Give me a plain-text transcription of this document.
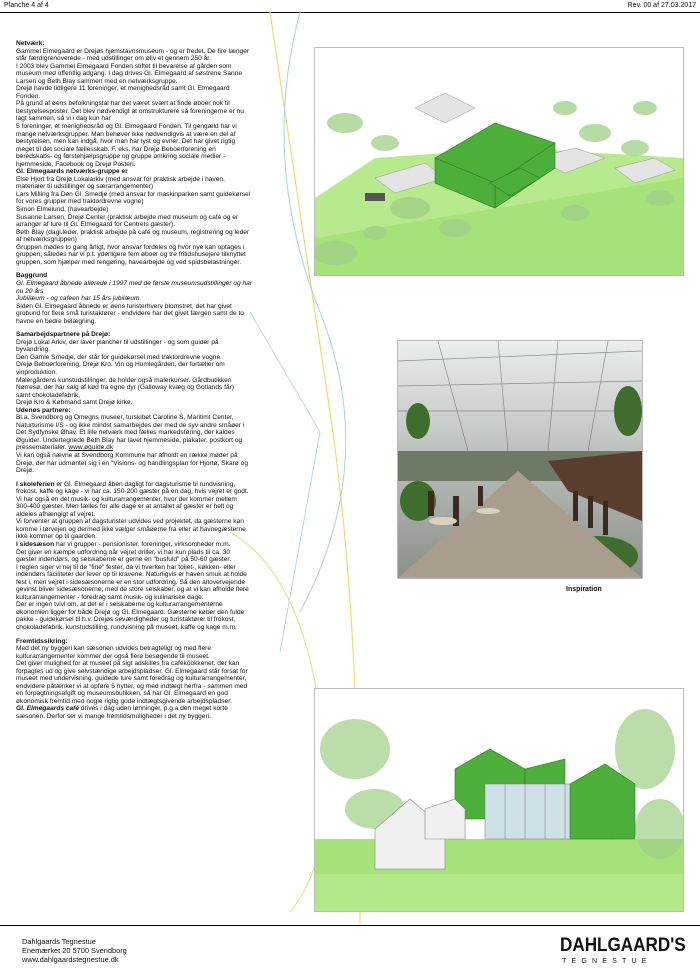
Planche 4 af 4	Rev. 00 af 27.03.2017

Netværk:

Gammel Elmegaard er Drejøs hjemstavnsmuseum - og er fredet. De fire længer

står færdigrenoverede - med udstillinger om øliv et gennem 250 år.

I 2003 blev Gammel Elmegaard Fonden stiftet til bevarelse af gården som

museum med offentlig adgang. I dag drives Gl. Elmegaard af søstrene Sanne

Larsen og Beth Blay sammen med en netværksgruppe.

Drejø havde tidligere 11 foreninger, et menighedsråd samt Gl. Elmegaard

Fonden.

På grund af øens befolkningstal har det været svært at finde øboer nok til

bestyrelsesposter. Det blev nødvendigt at omstrukturere så foreningerne er nu

lagt sammen, så vi i dag kun har

5 foreninger, et menighedsråd og Gl. Elmegaard Fonden. Til gengæld har vi

mange netværksgrupper. Man behøver ikke nødvendigvis at være en del af

bestyrelsen, men kan indgå, hvor man har lyst og evner. Det har givet rigtig

meget til det sociale fællesskab. F. eks. har Drejø Beboerforening en

beredskabs- og førstehjælpsgruppe og gruppe omkring sociale medier -

hjemmeside, Facebook og Drejø Posten.

Gl. Elmegaards netværks-gruppe er

Else Hjort fra Drejø Lokalarkiv (med ansvar for praktisk arbejde i haven,

materialer til udstillinger og særarrangementer)

Lars Milling fra Den Gl. Smedje (med ansvar for maskinparken samt guidekørsel

for vores grupper med traktordrevne vogne)

Simon Elmelund, (havearbejde)

Susanne Larsen, Drejø Center (praktisk arbejde med museum og café og er

arrangør af ture til Gl. Elmegaard for Centrets gæster).

Beth Blay (dagl.leder, praktisk arbejde på café og museum, registrering og leder

af netværksgruppen)

Gruppen mødes to gang årligt, hvor ansvar fordeles og hvor nye kan optages i

gruppen, således har vi p.t. yderligere fem øboer og tre fritidshusejere tilknyttet

gruppen, som hjælper med rengøring, havearbejde og ved spidsbelastninger.

Baggrund

Gl. Elmegaard åbnede allerede i 1997 med de første museumsudstillinger og har

nu 20 års

Jubilæum - og cafeen har 15 års jubilæum.

Siden Gl. Elmegaard åbnede er øens turisterhverv blomstret, det har givet

grobund for flere små turistaktører - endvidere har det givet færgen samt de to

havne en bedre belægning.

Samarbejdspartnere på Drejø:

Drejø Lokal Arkiv, der laver plancher til udstillinger - og som guider på

byvandring.

Den Gamle Smedje, der står for guidekørsel med traktordrevne vogne.

Drejø Beboerforening, Drejø Kro. Vin og Humlegården, der fortæller om

vinproduktion.

Malergårdens kunstudstillinger, de holder også malerkurser. Gårdbutikken

Nørresø, der har salg af kød fra egne dyr (Galloway kvæg og Gotlands får)

samt chokoladefabrik,

Drejø Kro & Købmand samt Drejø kirke.

Udenøs partnere:

Bl.a. Svendborg og Omegns museer, turskibet Caroline S, Maritimt Center,

Naturturisme I/S - og ikke mindst samarbejdes der med de syv andre småøer i

Det Sydfynske Øhav. Et lille netværk med fælles markedsføring, der kaldes

Øguider. Undertegnede Beth Blay har lavet hjemmeside, plakater, postkort og

pressematerialer. www.øguide.dk

Vi kan også nævne at Svendborg Kommune har afholdt en række møder på

Drejø, der har udmøntet sig i en "Visions- og handlingsplan for Hjortø, Skarø og

Drejø.

I skoleferien er Gl. Elmegaard åben dagligt for dagsturisme til rundvisning,

frokost, kaffe og kage - vi har ca. 150-200 gæster på en dag, hvis vejret er godt.

Vi har også en del musik- og kulturarrangementer, hvor der kommer mellem

300-400 gæster. Men fælles for alle dage er at antallet af gæster er helt og

aldeles afhængigt af vejret.

Vi forventer at gruppen af dagsturister udvides ved projektet, da gæsterne kan

komme i tørvejen og dermed ikke vælger småøerne fra eller at havnegæsterne

ikke kommer op til gaarden.

I sidesæson har vi grupper - pensionister, foreninger, virksomheder m.m.

Det giver en kæmpe udfordring når vejret driller, vi har kun plads til ca. 30

gæster indendørs, og selskaberne er gerne en "busfuld" på 50-60 gæster.

I reglen siger vi nej til de "fine" fester, da vi hverken har toilet-, køkken- eller

indendørs faciliteter der lever op til kravene. Naturligvis er haven smuk at holde

fest i, men vejret i sidesæsonerne er en stor udfordring. Så den altovervejende

gevinst bliver sidesæsonerne, med de store selskaber, og at vi kan afholde flere

kulturarrangementer - foredrag samt musik- og kulinariske dage.

Der er ingen tvivl om, at det er i selskaberne og kulturarrangementerne

økonomien ligger for både Drejø og Gl. Elmegaard. Gæsterne køber den fulde

pakke - guidekørsel til h.v. Drejøs seværdigheder og turistaktører til frokost,

chokoladefabrik, kunstudstilling, rundvisning på museet, kaffe og kage m.m.

Fremtidssikring:

Med det ny byggeri kan sæsonen udvides betragteligt og med flere

kulturarrangementer kommer der også flere besøgende til museet.

Det giver mulighed for at museet på sigt adskilles fra caféköökkenet, der kan

forpagtes ud og give selvstændige arbejdspladser. Gl. Elmegaard står forsat for

museet med undervisning, guidede ture samt foredrag og kulturarrangementer,

endvidere påtænker vi at opføre 5 hytter, og med indtægt herfra - sammen med

en forpagtningsafgift og museumsbutikken, så har Gl. Elmegaard en god

økonomisk fremtid med nogle rigtig gode indtægtsgivende arbejdspladser.

Gl. Elmegaards café drives i dag uden lønninger, p.g.a den meget korte

sæsonen. Derfor ser vi mange fremtidsmuligheder i det ny byggeri.

Inspiration
Dahlgaards Tegnestue
Enemærket 20 5700 Svendborg
www.dahlgaardstegnestue.dk
DAHLGAARD'S
TEGNESTUE
